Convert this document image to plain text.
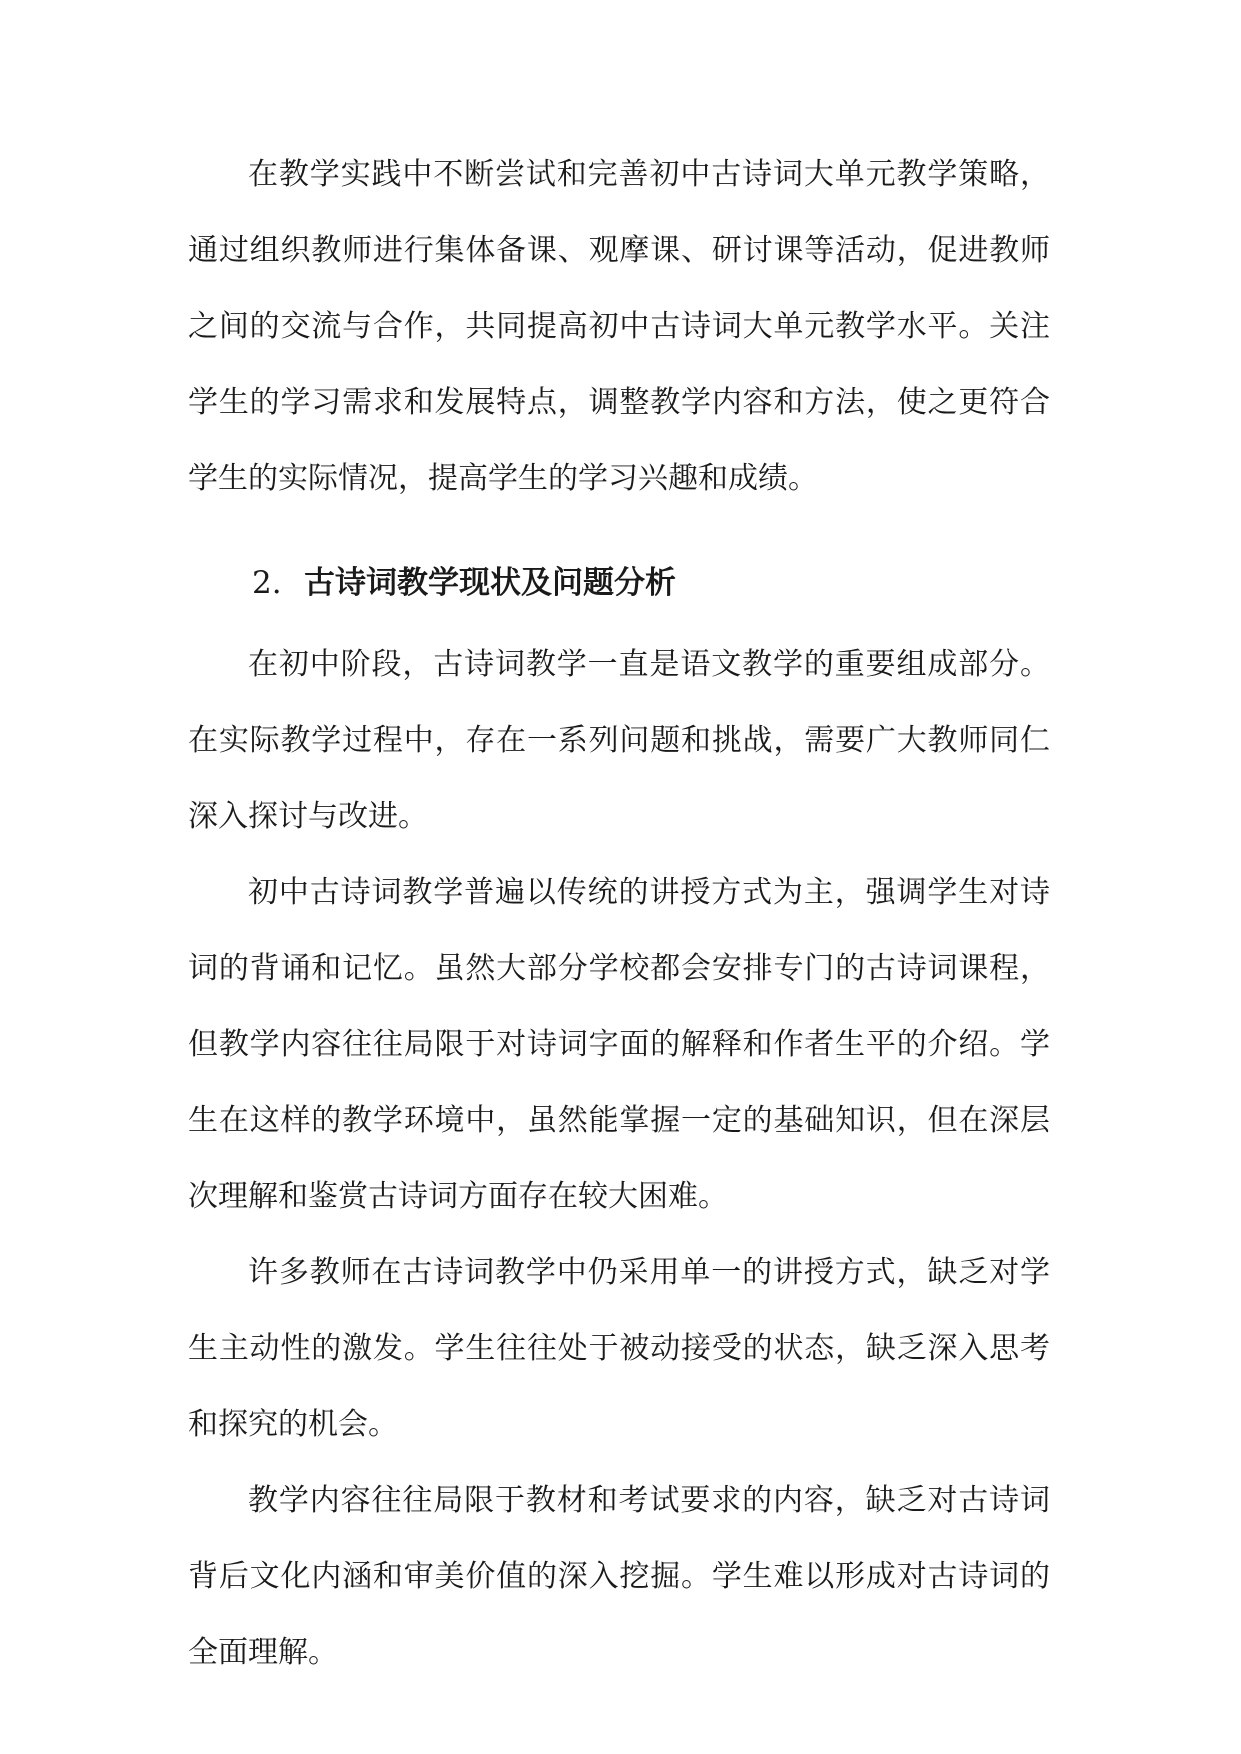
在教学实践中不断尝试和完善初中古诗词大单元教学策略，通过组织教师进行集体备课、观摩课、研讨课等活动，促进教师之间的交流与合作，共同提高初中古诗词大单元教学水平。关注学生的学习需求和发展特点，调整教学内容和方法，使之更符合学生的实际情况，提高学生的学习兴趣和成绩。

2. 古诗词教学现状及问题分析

在初中阶段，古诗词教学一直是语文教学的重要组成部分。在实际教学过程中，存在一系列问题和挑战，需要广大教师同仁深入探讨与改进。

初中古诗词教学普遍以传统的讲授方式为主，强调学生对诗词的背诵和记忆。虽然大部分学校都会安排专门的古诗词课程，但教学内容往往局限于对诗词字面的解释和作者生平的介绍。学生在这样的教学环境中，虽然能掌握一定的基础知识，但在深层次理解和鉴赏古诗词方面存在较大困难。

许多教师在古诗词教学中仍采用单一的讲授方式，缺乏对学生主动性的激发。学生往往处于被动接受的状态，缺乏深入思考和探究的机会。

教学内容往往局限于教材和考试要求的内容，缺乏对古诗词背后文化内涵和审美价值的深入挖掘。学生难以形成对古诗词的全面理解。
